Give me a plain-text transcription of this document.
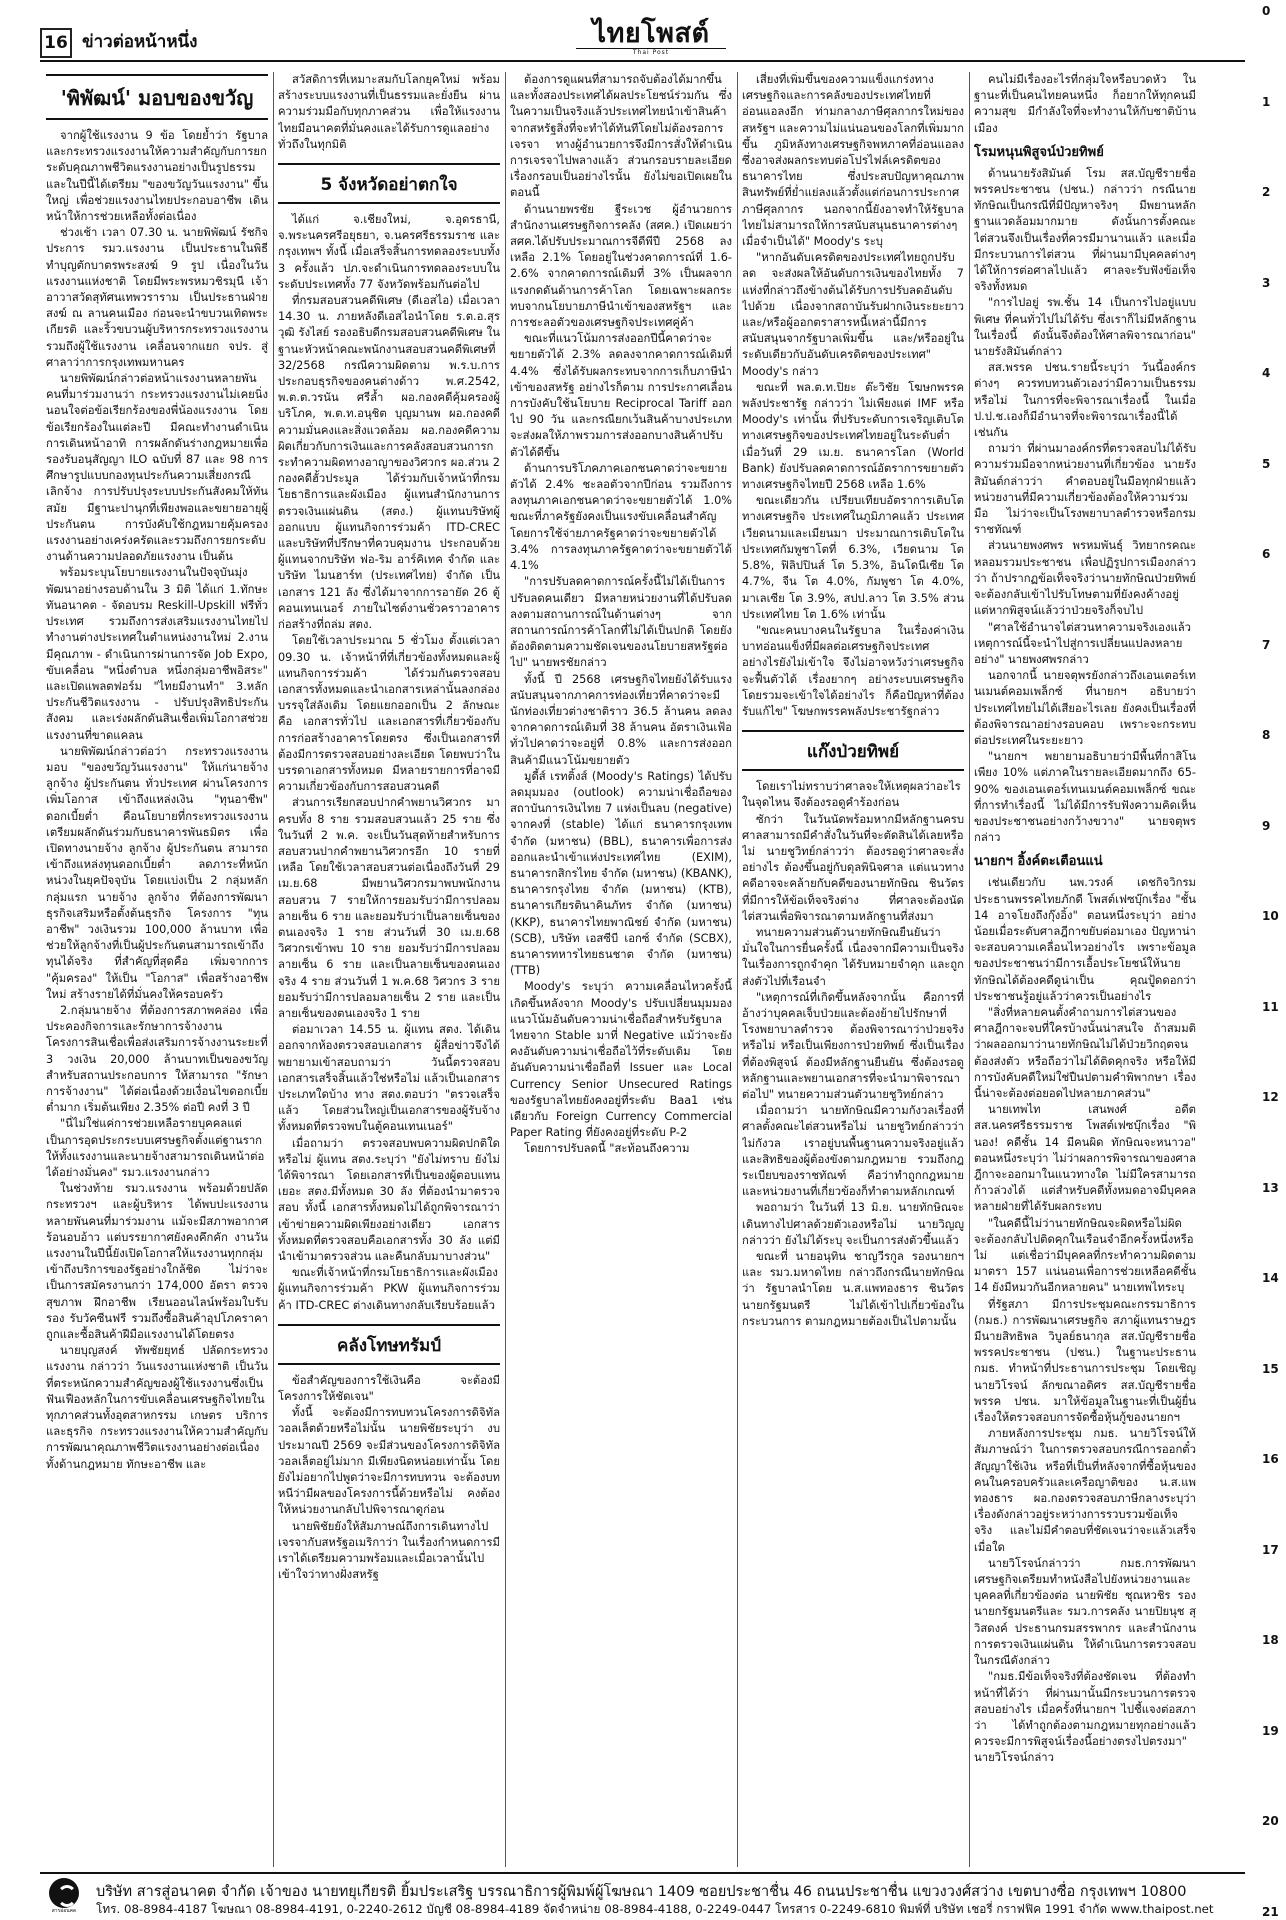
16 ข่าวต่อหน้าหนึ่ง	ไทยโพสต์
Thai Post
0
1
2
3
4
5
6
7
8
9
10
11
12
13
14
15
16
17
18
19
20
21
'พิพัฒน์' มอบของขวัญ

จากผู้ใช้แรงงาน 9 ข้อ โดยย้ำว่า รัฐบาลและกระทรวงแรงงานให้ความสำคัญกับการยกระดับคุณภาพชีวิตแรงงานอย่างเป็นรูปธรรม และในปีนี้ได้เตรียม "ของขวัญวันแรงงาน" ขึ้นใหญ่ เพื่อช่วยแรงงานไทยประกอบอาชีพ เดินหน้าให้การช่วยเหลือทั้งต่อเนื่อง

ช่วงเช้า เวลา 07.30 น. นายพิพัฒน์ รัชกิจประการ รมว.แรงงาน เป็นประธานในพิธีทำบุญตักบาตรพระสงฆ์ 9 รูป เนื่องในวันแรงงานแห่งชาติ โดยมีพระพรหมวชิรมุนี เจ้าอาวาสวัดสุทัศนเทพวราราม เป็นประธานฝ่ายสงฆ์ ณ ลานคนเมือง ก่อนจะนำขบวนเทิดพระเกียรติ และริ้วขบวนผู้บริหารกระทรวงแรงงาน รวมถึงผู้ใช้แรงงาน เคลื่อนจากแยก จปร. สู่ศาลาว่าการกรุงเทพมหานคร

นายพิพัฒน์กล่าวต่อหน้าแรงงานหลายพันคนที่มาร่วมงานว่า กระทรวงแรงงานไม่เคยนิ่งนอนใจต่อข้อเรียกร้องของพี่น้องแรงงาน โดยข้อเรียกร้องในแต่ละปี มีคณะทำงานดำเนินการเดินหน้าอาทิ การผลักดันร่างกฎหมายเพื่อรองรับอนุสัญญา ILO ฉบับที่ 87 และ 98 การศึกษารูปแบบกองทุนประกันความเสี่ยงกรณีเลิกจ้าง การปรับปรุงระบบประกันสังคมให้ทันสมัย มีฐานะปานุกที่เพียงพอและขยายอายุผู้ประกันตน การบังคับใช้กฎหมายคุ้มครองแรงงานอย่างเคร่งครัดและรวมถึงการยกระดับงานด้านความปลอดภัยแรงงาน เป็นต้น

พร้อมระบุนโยบายแรงงานในปัจจุบันมุ่งพัฒนาอย่างรอบด้านใน 3 มิติ ได้แก่ 1.ทักษะทันอนาคต - จัดอบรม Reskill-Upskill ฟรีทั่วประเทศ รวมถึงการส่งเสริมแรงงานไทยไปทำงานต่างประเทศในตำแหน่งงานใหม่ 2.งานมีคุณภาพ - ดำเนินการผ่านการจัด Job Expo, ขับเคลื่อน "หนึ่งตำบล หนึ่งกลุ่มอาชีพอิสระ" และเปิดแพลตฟอร์ม "ไทยมีงานทำ" 3.หลักประกันชีวิตแรงงาน - ปรับปรุงสิทธิประกันสังคม และเร่งผลักดันสินเชื่อเพิ่มโอกาสช่วยแรงงานที่ขาดแคลน

นายพิพัฒน์กล่าวต่อว่า กระทรวงแรงงานมอบ "ของขวัญวันแรงงาน" ให้แก่นายจ้าง ลูกจ้าง ผู้ประกันตน ทั่วประเทศ ผ่านโครงการ เพิ่มโอกาส เข้าถึงแหล่งเงิน "ทุนอาชีพ" ดอกเบี้ยต่ำ คือนโยบายที่กระทรวงแรงงานเตรียมผลักดันร่วมกับธนาคารพันธมิตร เพื่อเปิดทางนายจ้าง ลูกจ้าง ผู้ประกันตน สามารถเข้าถึงแหล่งทุนดอกเบี้ยต่ำ ลดภาระที่หนักหน่วงในยุคปัจจุบัน โดยแบ่งเป็น 2 กลุ่มหลัก กลุ่มแรก นายจ้าง ลูกจ้าง ที่ต้องการพัฒนาธุรกิจเสริมหรือตั้งต้นธุรกิจ โครงการ "ทุนอาชีพ" วงเงินรวม 100,000 ล้านบาท เพื่อช่วยให้ลูกจ้างที่เป็นผู้ประกันตนสามารถเข้าถึงทุนได้จริง ที่สำคัญที่สุดคือ เพิ่มจากการ "คุ้มครอง" ให้เป็น "โอกาส" เพื่อสร้างอาชีพใหม่ สร้างรายได้ที่มั่นคงให้ครอบครัว

2.กลุ่มนายจ้าง ที่ต้องการสภาพคล่อง เพื่อประคองกิจการและรักษาการจ้างงาน โครงการสินเชื่อเพื่อส่งเสริมการจ้างงานระยะที่ 3 วงเงิน 20,000 ล้านบาทเป็นของขวัญสำหรับสถานประกอบการ ให้สามารถ "รักษาการจ้างงาน" ได้ต่อเนื่องด้วยเงื่อนไขดอกเบี้ยต่ำมาก เริ่มต้นเพียง 2.35% ต่อปี คงที่ 3 ปี

"นี่ไม่ใช่แค่การช่วยเหลือรายบุคคลแต่เป็นการอุดประกระบบเศรษฐกิจตั้งแต่ฐานราก ให้ทั้งแรงงานและนายจ้างสามารถเดินหน้าต่อได้อย่างมั่นคง" รมว.แรงงานกล่าว

ในช่วงท้าย รมว.แรงงาน พร้อมด้วยปลัดกระทรวงฯ และผู้บริหาร ได้พบปะแรงงานหลายพันคนที่มาร่วมงาน แม้จะมีสภาพอากาศร้อนอบอ้าว แต่บรรยากาศยังคงคึกคัก งานวันแรงงานในปีนี้ยังเปิดโอกาสให้แรงงานทุกกลุ่มเข้าถึงบริการของรัฐอย่างใกล้ชิด ไม่ว่าจะเป็นการสมัครงานกว่า 174,000 อัตรา ตรวจสุขภาพ ฝึกอาชีพ เรียนออนไลน์พร้อมใบรับรอง รับวัคซีนฟรี รวมถึงซื้อสินค้าอุปโภคราคาถูกและซื้อสินค้าฝีมือแรงงานได้โดยตรง

นายบุญสงค์ ทัพชัยยุทธ์ ปลัดกระทรวงแรงงาน กล่าวว่า วันแรงงานแห่งชาติ เป็นวันที่ตระหนักความสำคัญของผู้ใช้แรงงานซึ่งเป็นฟันเฟืองหลักในการขับเคลื่อนเศรษฐกิจไทยในทุกภาคส่วนทั้งอุตสาหกรรม เกษตร บริการ และธุรกิจ กระทรวงแรงงานให้ความสำคัญกับการพัฒนาคุณภาพชีวิตแรงงานอย่างต่อเนื่อง ทั้งด้านกฎหมาย ทักษะอาชีพ และ

สวัสดิการที่เหมาะสมกับโลกยุคใหม่ พร้อมสร้างระบบแรงงานที่เป็นธรรมและยั่งยืน ผ่านความร่วมมือกับทุกภาคส่วน เพื่อให้แรงงานไทยมีอนาคตที่มั่นคงและได้รับการดูแลอย่างทั่วถึงในทุกมิติ

5 จังหวัดอย่าตกใจ

ได้แก่ จ.เชียงใหม่, จ.อุดรธานี, จ.พระนครศรีอยุธยา, จ.นครศรีธรรมราช และกรุงเทพฯ ทั้งนี้ เมื่อเสร็จสิ้นการทดลองระบบทั้ง 3 ครั้งแล้ว ปภ.จะดำเนินการทดลองระบบในระดับประเทศทั้ง 77 จังหวัดพร้อมกันต่อไป

ที่กรมสอบสวนคดีพิเศษ (ดีเอสไอ) เมื่อเวลา 14.30 น. ภายหลังดีเอสไอนำโดย ร.ต.อ.สุรวุฒิ รังไสย์ รองอธิบดีกรมสอบสวนคดีพิเศษ ในฐานะหัวหน้าคณะพนักงานสอบสวนคดีพิเศษที่ 32/2568 กรณีความผิดตาม พ.ร.บ.การประกอบธุรกิจของคนต่างด้าว พ.ศ.2542, พ.ต.ต.วรนัน ศรีล้ำ ผอ.กองคดีคุ้มครองผู้บริโภค, พ.ต.ท.อนุชิต บุญมานพ ผอ.กองคดีความมั่นคงและสิ่งแวดล้อม ผอ.กองคดีความผิดเกี่ยวกับการเงินและการคลังสอบสวนการกระทำความผิดทางอาญาของวิศวกร ผอ.ส่วน 2 กองคดีฮั้วประมูล ได้ร่วมกับเจ้าหน้าที่กรมโยธาธิการและผังเมือง ผู้แทนสำนักงานการตรวจเงินแผ่นดิน (สตง.) ผู้แทนบริษัทผู้ออกแบบ ผู้แทนกิจการร่วมค้า ITD-CREC และบริษัทที่ปรึกษาที่ควบคุมงาน ประกอบด้วยผู้แทนจากบริษัท ฟอ-ริม อาร์คิเทค จำกัด และบริษัท ไมนฮาร์ท (ประเทศไทย) จำกัด เป็นเอกสาร 121 ลัง ซึ่งได้มาจากการอายัด 26 ตู้คอนเทนเนอร์ ภายในไซต์งานชั่วคราวอาคารก่อสร้างที่ถล่ม สตง.

โดยใช้เวลาประมาณ 5 ชั่วโมง ตั้งแต่เวลา 09.30 น. เจ้าหน้าที่ที่เกี่ยวข้องทั้งหมดและผู้แทนกิจการร่วมค้า ได้ร่วมกันตรวจสอบเอกสารทั้งหมดและนำเอกสารเหล่านั้นลงกล่องบรรจุใส่ลังเดิม โดยแยกออกเป็น 2 ลักษณะ คือ เอกสารทั่วไป และเอกสารที่เกี่ยวข้องกับการก่อสร้างอาคารโดยตรง ซึ่งเป็นเอกสารที่ต้องมีการตรวจสอบอย่างละเอียด โดยพบว่าในบรรดาเอกสารทั้งหมด มีหลายรายการที่อาจมีความเกี่ยวข้องกับการสอบสวนคดี

ส่วนการเรียกสอบปากคำพยานวิศวกร มาครบทั้ง 8 ราย รวมสอบสวนแล้ว 25 ราย ซึ่งในวันที่ 2 พ.ค. จะเป็นวันสุดท้ายสำหรับการสอบสวนปากคำพยานวิศวกรอีก 10 รายที่เหลือ โดยใช้เวลาสอบสวนต่อเนื่องถึงวันที่ 29 เม.ย.68 มีพยานวิศวกรมาพบพนักงานสอบสวน 7 รายให้การยอมรับว่ามีการปลอมลายเซ็น 6 ราย และยอมรับว่าเป็นลายเซ็นของตนเองจริง 1 ราย ส่วนวันที่ 30 เม.ย.68 วิศวกรเข้าพบ 10 ราย ยอมรับว่ามีการปลอมลายเซ็น 6 ราย และเป็นลายเซ็นของตนเองจริง 4 ราย ส่วนวันที่ 1 พ.ค.68 วิศวกร 3 ราย ยอมรับว่ามีการปลอมลายเซ็น 2 ราย และเป็นลายเซ็นของตนเองจริง 1 ราย

ต่อมาเวลา 14.55 น. ผู้แทน สตง. ได้เดินออกจากห้องตรวจสอบเอกสาร ผู้สื่อข่าวจึงได้พยายามเข้าสอบถามว่า วันนี้ตรวจสอบเอกสารเสร็จสิ้นแล้วใช่หรือไม่ แล้วเป็นเอกสารประเภทใดบ้าง ทาง สตง.ตอบว่า "ตรวจเสร็จแล้ว โดยส่วนใหญ่เป็นเอกสารของผู้รับจ้างทั้งหมดที่ตรวจพบในตู้คอนเทนเนอร์"

เมื่อถามว่า ตรวจสอบพบความผิดปกติใดหรือไม่ ผู้แทน สตง.ระบุว่า "ยังไม่ทราบ ยังไม่ได้พิจารณา โดยเอกสารที่เป็นของผู้ตอบแทนเยอะ สตง.มีทั้งหมด 30 ลัง ที่ต้องนำมาตรวจสอบ ทั้งนี้ เอกสารทั้งหมดไม่ได้ถูกพิจารณาว่าเข้าข่ายความผิดเพียงอย่างเดียว เอกสารทั้งหมดที่ตรวจสอบคือเอกสารทั้ง 30 ลัง แต่มีนำเข้ามาตรวจส่วน และคืนกลับมาบางส่วน"

ขณะที่เจ้าหน้าที่กรมโยธาธิการและผังเมือง ผู้แทนกิจการร่วมค้า PKW ผู้แทนกิจการร่วมค้า ITD-CREC ต่างเดินทางกลับเรียบร้อยแล้ว

คลังโทษทรัมป์

ข้อสำคัญของการใช้เงินคือ จะต้องมีโครงการให้ชัดเจน"

ทั้งนี้ จะต้องมีการทบทวนโครงการดิจิทัลวอลเล็ตด้วยหรือไม่นั้น นายพิชัยระบุว่า งบประมาณปี 2569 จะมีส่วนของโครงการดิจิทัลวอลเล็ตอยู่ไม่มาก มีเพียงนิดหน่อยเท่านั้น โดยยังไม่อยากไปพูดว่าจะมีการทบทวน จะต้องบทหนีว่ามีผลของโครงการนี้ด้วยหรือไม่ คงต้องให้หน่วยงานกลับไปพิจารณาดูก่อน

นายพิชัยยังให้สัมภาษณ์ถึงการเดินทางไปเจรจากับสหรัฐอเมริกาว่า ในเรื่องกำหนดการมีเราได้เตรียมความพร้อมและเมื่อเวลานั้นไปเข้าใจว่าทางฝั่งสหรัฐ

ต้องการดูแผนที่สามารถจับต้องได้มากขึ้น และทั้งสองประเทศได้ผลประโยชน์ร่วมกัน ซึ่งในความเป็นจริงแล้วประเทศไทยนำเข้าสินค้าจากสหรัฐสิ่งที่จะทำได้ทันทีโดยไม่ต้องรอการเจรจา ทางผู้อำนวยการจึงมีการสั่งให้ดำเนินการเจรจาไปพลางแล้ว ส่วนกรอบรายละเอียดเรื่องกรอบเป็นอย่างไรนั้น ยังไม่ขอเปิดเผยในตอนนี้

ด้านนายพรชัย ฐีระเวช ผู้อำนวยการสำนักงานเศรษฐกิจการคลัง (สศค.) เปิดเผยว่า สศค.ได้ปรับประมาณการจีดีพีปี 2568 ลงเหลือ 2.1% โดยอยู่ในช่วงคาดการณ์ที่ 1.6-2.6% จากคาดการณ์เดิมที่ 3% เป็นผลจากแรงกดดันด้านการค้าโลก โดยเฉพาะผลกระทบจากนโยบายภาษีนำเข้าของสหรัฐฯ และการชะลอตัวของเศรษฐกิจประเทศคู่ค้า

ขณะที่แนวโน้มการส่งออกปีนี้คาดว่าจะขยายตัวได้ 2.3% ลดลงจากคาดการณ์เดิมที่ 4.4% ซึ่งได้รับผลกระทบจากการเก็บภาษีนำเข้าของสหรัฐ อย่างไรก็ตาม การประกาศเลื่อนการบังคับใช้นโยบาย Reciprocal Tariff ออกไป 90 วัน และกรณียกเว้นสินค้าบางประเภท จะส่งผลให้ภาพรวมการส่งออกบางสินค้าปรับตัวได้ดีขึ้น

ด้านการบริโภคภาคเอกชนคาดว่าจะขยายตัวได้ 2.4% ชะลอตัวจากปีก่อน รวมถึงการลงทุนภาคเอกชนคาดว่าจะขยายตัวได้ 1.0% ขณะที่ภาครัฐยังคงเป็นแรงขับเคลื่อนสำคัญ โดยการใช้จ่ายภาครัฐคาดว่าจะขยายตัวได้ 3.4% การลงทุนภาครัฐคาดว่าจะขยายตัวได้ 4.1%

"การปรับลดคาดการณ์ครั้งนี้ไม่ได้เป็นการปรับลดคนเดียว มีหลายหน่วยงานที่ได้ปรับลดลงตามสถานการณ์ในด้านต่างๆ จากสถานการณ์การค้าโลกที่ไม่ได้เป็นปกติ โดยยังต้องติดตามความชัดเจนของนโยบายสหรัฐต่อไป" นายพรชัยกล่าว

ทั้งนี้ ปี 2568 เศรษฐกิจไทยยังได้รับแรงสนับสนุนจากภาคการท่องเที่ยวที่คาดว่าจะมีนักท่องเที่ยวต่างชาติราว 36.5 ล้านคน ลดลงจากคาดการณ์เดิมที่ 38 ล้านคน อัตราเงินเฟ้อทั่วไปคาดว่าจะอยู่ที่ 0.8% และการส่งออกสินค้ามีแนวโน้มขยายตัว

มูดี้ส์ เรทติ้งส์ (Moody's Ratings) ได้ปรับลดมุมมอง (outlook) ความน่าเชื่อถือของสถาบันการเงินไทย 7 แห่งเป็นลบ (negative) จากคงที่ (stable) ได้แก่ ธนาคารกรุงเทพ จำกัด (มหาชน) (BBL), ธนาคารเพื่อการส่งออกและนำเข้าแห่งประเทศไทย (EXIM), ธนาคารกสิกรไทย จำกัด (มหาชน) (KBANK), ธนาคารกรุงไทย จำกัด (มหาชน) (KTB), ธนาคารเกียรตินาคินภัทร จำกัด (มหาชน) (KKP), ธนาคารไทยพาณิชย์ จำกัด (มหาชน) (SCB), บริษัท เอสซีบี เอกซ์ จำกัด (SCBX), ธนาคารทหารไทยธนชาต จำกัด (มหาชน) (TTB)

Moody's ระบุว่า ความเคลื่อนไหวครั้งนี้เกิดขึ้นหลังจาก Moody's ปรับเปลี่ยนมุมมองแนวโน้มอันดับความน่าเชื่อถือสำหรับรัฐบาลไทยจาก Stable มาที่ Negative แม้ว่าจะยังคงอันดับความน่าเชื่อถือไว้ที่ระดับเดิม โดยอันดับความน่าเชื่อถือที่ Issuer และ Local Currency Senior Unsecured Ratings ของรัฐบาลไทยยังคงอยู่ที่ระดับ Baa1 เช่นเดียวกับ Foreign Currency Commercial Paper Rating ที่ยังคงอยู่ที่ระดับ P-2

โดยการปรับลดนี้ "สะท้อนถึงความ

เสี่ยงที่เพิ่มขึ้นของความแข็งแกร่งทางเศรษฐกิจและการคลังของประเทศไทยที่อ่อนแอลงอีก ท่ามกลางภาษีศุลกากรใหม่ของสหรัฐฯ และความไม่แน่นอนของโลกที่เพิ่มมากขึ้น ภูมิหลังทางเศรษฐกิจพหภาคที่อ่อนแอลง ซึ่งอาจส่งผลกระทบต่อโปรไฟล์เครดิตของธนาคารไทย ซึ่งประสบปัญหาคุณภาพสินทรัพย์ที่ย่ำแย่ลงแล้วตั้งแต่ก่อนการประกาศภาษีศุลกากร นอกจากนี้ยังอาจทำให้รัฐบาลไทยไม่สามารถให้การสนับสนุนธนาคารต่างๆ เมื่อจำเป็นได้" Moody's ระบุ

"หากอันดับเครดิตของประเทศไทยถูกปรับลด จะส่งผลให้อันดับการเงินของไทยทั้ง 7 แห่งที่กล่าวถึงข้างต้นได้รับการปรับลดอันดับไปด้วย เนื่องจากสถาบันรับฝากเงินระยะยาวและ/หรือผู้ออกตราสารหนี้เหล่านี้มีการสนับสนุนจากรัฐบาลเพิ่มขึ้น และ/หรืออยู่ในระดับเดียวกับอันดับเครดิตของประเทศ" Moody's กล่าว

ขณะที่ พล.ต.ท.ปิยะ ต๊ะวิชัย โฆษกพรรคพลังประชารัฐ กล่าวว่า ไม่เพียงแต่ IMF หรือ Moody's เท่านั้น ที่ปรับระดับการเจริญเติบโตทางเศรษฐกิจของประเทศไทยอยู่ในระดับต่ำ เมื่อวันที่ 29 เม.ย. ธนาคารโลก (World Bank) ยังปรับลดคาดการณ์อัตราการขยายตัวทางเศรษฐกิจไทยปี 2568 เหลือ 1.6%

ขณะเดียวกัน เปรียบเทียบอัตราการเติบโตทางเศรษฐกิจ ประเทศในภูมิภาคแล้ว ประเทศเวียดนามและเมียนมา ประมาณการเติบโตในประเทศกัมพูชาโตที่ 6.3%, เวียดนาม โต 5.8%, ฟิลิปปินส์ โต 5.3%, อินโดนีเซีย โต 4.7%, จีน โต 4.0%, กัมพูชา โต 4.0%, มาเลเซีย โต 3.9%, สปป.ลาว โต 3.5% ส่วนประเทศไทย โต 1.6% เท่านั้น

"ขณะคนบางคนในรัฐบาล ในเรื่องค่าเงินบาทอ่อนแข็งที่มีผลต่อเศรษฐกิจประเทศอย่างไรยังไม่เข้าใจ จึงไม่อาจหวังว่าเศรษฐกิจจะฟื้นตัวได้ เรื่องยากๆ อย่างระบบเศรษฐกิจโดยรวมจะเข้าใจได้อย่างไร ก็คือปัญหาที่ต้องรับแก้ไข" โฆษกพรรคพลังประชารัฐกล่าว

แก๊งป่วยทิพย์

โดยเราไม่ทราบว่าศาลจะให้เหตุผลว่าอะไรในจุดไหน จึงต้องรอดูคำร้องก่อน

ซักว่า ในวันนัดพร้อมหากมีหลักฐานครบศาลสามารถมีคำสั่งในวันที่จะตัดสินได้เลยหรือไม่ นายชูวิทย์กล่าวว่า ต้องรอดูว่าศาลจะสั่งอย่างไร ต้องขึ้นอยู่กับดุลพินิจศาล แต่แนวทางคดีอาจจะคล้ายกับคดีของนายทักษิณ ชินวัตร ที่มีการให้ข้อเท็จจริงต่าง ที่ศาลจะต้องนัดไต่สวนเพื่อพิจารณาตามหลักฐานที่ส่งมา

ทนายความส่วนตัวนายทักษิณยืนยันว่า มั่นใจในการยื่นครั้งนี้ เนื่องจากมีความเป็นจริงในเรื่องการถูกจำคุก ได้รับหมายจำคุก และถูกส่งตัวไปที่เรือนจำ

"เหตุการณ์ที่เกิดขึ้นหลังจากนั้น คือการที่อ้างว่าบุคคลเจ็บป่วยและต้องย้ายไปรักษาที่โรงพยาบาลตำรวจ ต้องพิจารณาว่าป่วยจริงหรือไม่ หรือเป็นเพียงการป่วยทิพย์ ซึ่งเป็นเรื่องที่ต้องพิสูจน์ ต้องมีหลักฐานยืนยัน ซึ่งต้องรอดูหลักฐานและพยานเอกสารที่จะนำมาพิจารณาต่อไป" ทนายความส่วนตัวนายชูวิทย์กล่าว

เมื่อถามว่า นายทักษิณมีความกังวลเรื่องที่ศาลตั้งคณะไต่สวนหรือไม่ นายชูวิทย์กล่าวว่า ไม่กังวล เราอยู่บนพื้นฐานความจริงอยู่แล้ว และสิทธิของผู้ต้องขังตามกฎหมาย รวมถึงกฎระเบียบของราชทัณฑ์ คือว่าทำถูกกฎหมาย และหน่วยงานที่เกี่ยวข้องก็ทำตามหลักเกณฑ์

พอถามว่า ในวันที่ 13 มิ.ย. นายทักษิณจะเดินทางไปศาลด้วยตัวเองหรือไม่ นายวิญญูกล่าวว่า ยังไม่ได้ระบุ จะเป็นการส่งตัวขึ้นแล้ว

ขณะที่ นายอนุทิน ชาญวีรกูล รองนายกฯ และ รมว.มหาดไทย กล่าวถึงกรณีนายทักษิณว่า รัฐบาลนำโดย น.ส.แพทองธาร ชินวัตร นายกรัฐมนตรี ไม่ได้เข้าไปเกี่ยวข้องในกระบวนการ ตามกฎหมายต้องเป็นไปตามนั้น

คนไม่มีเรื่องอะไรที่กลุ่มใจหรือบวดหัว ในฐานะที่เป็นคนไทยคนหนึ่ง ก็อยากให้ทุกคนมีความสุข มีกำลังใจที่จะทำงานให้กับชาติบ้านเมือง

โรมหนุนพิสูจน์ป่วยทิพย์

ด้านนายรังสิมันต์ โรม สส.บัญชีรายชื่อ พรรคประชาชน (ปชน.) กล่าวว่า กรณีนายทักษิณเป็นกรณีที่มีปัญหาจริงๆ มีพยานหลักฐานแวดล้อมมากมาย ดังนั้นการตั้งคณะไต่สวนจึงเป็นเรื่องที่ควรมีมานานแล้ว และเมื่อมีกระบวนการไต่สวน ที่ผ่านมามีบุคคลต่างๆ ได้ให้การต่อศาลไปแล้ว ศาลจะรับฟังข้อเท็จจริงทั้งหมด

"การไปอยู่ รพ.ชั้น 14 เป็นการไปอยู่แบบพิเศษ ที่คนทั่วไปไม่ได้รับ ซึ่งเราก็ไม่มีหลักฐานในเรื่องนี้ ดังนั้นจึงต้องให้ศาลพิจารณาก่อน" นายรังสิมันต์กล่าว

สส.พรรค ปชน.รายนี้ระบุว่า วันนี้องค์กรต่างๆ ควรทบทวนตัวเองว่ามีความเป็นธรรมหรือไม่ ในการที่จะพิจารณาเรื่องนี้ ในเมื่อ ป.ป.ช.เองก็มีอำนาจที่จะพิจารณาเรื่องนี้ได้เช่นกัน

ถามว่า ที่ผ่านมาองค์กรที่ตรวจสอบไม่ได้รับความร่วมมือจากหน่วยงานที่เกี่ยวข้อง นายรังสิมันต์กล่าวว่า คำตอบอยู่ในมือทุกฝ่ายแล้ว หน่วยงานที่มีความเกี่ยวข้องต้องให้ความร่วมมือ ไม่ว่าจะเป็นโรงพยาบาลตำรวจหรือกรมราชทัณฑ์

ส่วนนายพงศพร พรหมพันธุ์ วิทยากรคณะหลอมรวมประชาชน เพื่อปฏิรูปการเมืองกล่าวว่า ถ้าปรากฏข้อเท็จจริงว่านายทักษิณป่วยทิพย์ จะต้องกลับเข้าไปรับโทษตามที่ยังคงค้างอยู่ แต่หากพิสูจน์แล้วว่าป่วยจริงก็จบไป

"ศาลใช้อำนาจไต่สวนหาความจริงเองแล้ว เหตุการณ์นี้จะนำไปสู่การเปลี่ยนแปลงหลายอย่าง" นายพงศพรกล่าว

นอกจากนี้ นายจตุพรยังกล่าวถึงเอนเตอร์เทนเมนต์คอมเพล็กซ์ ที่นายกฯ อธิบายว่าประเทศไทยไม่ได้เสียอะไรเลย ยังคงเป็นเรื่องที่ต้องพิจารณาอย่างรอบคอบ เพราะจะกระทบต่อประเทศในระยะยาว

"นายกฯ พยายามอธิบายว่ามีพื้นที่กาสิโนเพียง 10% แต่ภาคในรายละเอียดมากถึง 65-90% ของเอนเตอร์เทนเมนต์คอมเพล็กซ์ ขณะที่การทำเรื่องนี้ ไม่ได้มีการรับฟังความคิดเห็นของประชาชนอย่างกว้างขวาง" นายจตุพรกล่าว

นายกฯ อิ้งค์ตะเตือนแน่

เช่นเดียวกับ นพ.วรงค์ เดชกิจวิกรม ประธานพรรคไทยภักดี โพสต์เฟซบุ๊กเรื่อง "ชั้น 14 อาจโยงถึงกุ๊งอิ้ง" ตอนหนึ่งระบุว่า อย่างน้อยเมื่อระดับศาลฎีกาขยับต่อมาเอง ปัญหาน่าจะสอบความเคลื่อนไหวอย่างไร เพราะข้อมูลของประชาชนว่ามีการเอื้อประโยชน์ให้นายทักษิณได้ต้องคดีดูน่าเป็น คุณปู้ดดอกว่า ประชาชนรู้อยู่แล้วว่าควรเป็นอย่างไร

"สิ่งที่หลายคนตั้งคำถามการไต่สวนของศาลฎีกาจะจบที่ใครบ้างนั้นน่าสนใจ ถ้าสมมติว่าผลออกมาว่านายทักษิณไม่ได้ป่วยวิกฤตจนต้องส่งตัว หรือถือว่าไม่ได้ติดคุกจริง หรือให้มีการบังคับคดีใหม่ใช่ปืนปตามคำพิพากษา เรื่องนี้น่าจะต้องต่อยอดไปหลายภาคส่วน"

นายเทพไท เสนพงศ์ อดีต สส.นครศรีธรรมราช โพสต์เฟซบุ๊กเรื่อง "พินอง! คดีชั้น 14 มีคนผิด ทักษิณจะหนาวอ" ตอนหนึ่งระบุว่า ไม่ว่าผลการพิจารณาของศาลฎีกาจะออกมาในแนวทางใด ไม่มีใครสามารถก้าวล่วงได้ แต่สำหรับคดีทั้งหมดอาจมีบุคคลหลายฝ่ายที่ได้รับผลกระทบ

"ในคดีนี้ไม่ว่านายทักษิณจะผิดหรือไม่ผิด จะต้องกลับไปติดคุกในเรือนจำอีกครั้งหนึ่งหรือไม่ แต่เชื่อว่ามีบุคคลที่กระทำความผิดตามมาตรา 157 แน่นอนเพื่อการช่วยเหลือคดีชั้น 14 ยังมีหมวกันอีกหลายคน" นายเทพไทระบุ

ที่รัฐสภา มีการประชุมคณะกรรมาธิการ (กมธ.) การพัฒนาเศรษฐกิจ สภาผู้แทนราษฎร มีนายสิทธิพล วิบูลย์ธนากุล สส.บัญชีรายชื่อ พรรคประชาชน (ปชน.) ในฐานะประธาน กมธ. ทำหน้าที่ประธานการประชุม โดยเชิญนายวิโรจน์ ลักขณาอดิศร สส.บัญชีรายชื่อ พรรค ปชน. มาให้ข้อมูลในฐานะที่เป็นผู้ยื่นเรื่องให้ตรวจสอบการจัดซื้อหุ้นกู้ของนายกฯ

ภายหลังการประชุม กมธ. นายวิโรจน์ให้สัมภาษณ์ว่า ในการตรวจสอบกรณีการออกตั๋วสัญญาใช้เงิน หรือที่เป็นที่หลังจากที่ซื้อหุ้นของคนในครอบครัวและเครือญาติของ น.ส.แพทองธาร ผอ.กองตรวจสอบภาษีกลางระบุว่าเรื่องดังกล่าวอยู่ระหว่างการรวบรวมข้อเท็จจริง และไม่มีคำตอบที่ชัดเจนว่าจะแล้วเสร็จเมื่อใด

นายวิโรจน์กล่าวว่า กมธ.การพัฒนาเศรษฐกิจเตรียมทำหนังสือไปยังหน่วยงานและบุคคลที่เกี่ยวข้องต่อ นายพิชัย ชุณหวชิร รองนายกรัฐมนตรีและ รมว.การคลัง นายปิยนุช สุวิสดงค์ ประธานกรมสรรพากร และสำนักงานการตรวจเงินแผ่นดิน ให้ดำเนินการตรวจสอบในกรณีดังกล่าว

"กมธ.มีข้อเท็จจริงที่ต้องชัดเจน ที่ต้องทำหน้าที่ได้ว่า ที่ผ่านมานั้นมีกระบวนการตรวจสอบอย่างไร เมื่อครั้งที่นายกฯ ไปชี้แจงต่อสภาว่า ได้ทำถูกต้องตามกฎหมายทุกอย่างแล้ว ควรจะมีการพิสูจน์เรื่องนี้อย่างตรงไปตรงมา" นายวิโรจน์กล่าว

สารอ่อนคด
บริษัท สารสู่อนาคต จำกัด เจ้าของ นายทยุเกียรติ ยิ้มประเสริฐ บรรณาธิการผู้พิมพ์ผู้โฆษณา 1409 ซอยประชาชื่น 46 ถนนประชาชื่น แขวงวงศ์สว่าง เขตบางซื่อ กรุงเทพฯ 10800
โทร. 08-8984-4187 โฆษณา 08-8984-4191, 0-2240-2612 บัญชี 08-8984-4189 จัดจำหน่าย 08-8984-4188, 0-2249-0447 โทรสาร 0-2249-6810 พิมพ์ที่ บริษัท เชอรี่ กราฟฟิค 1991 จำกัด www.thaipost.net
